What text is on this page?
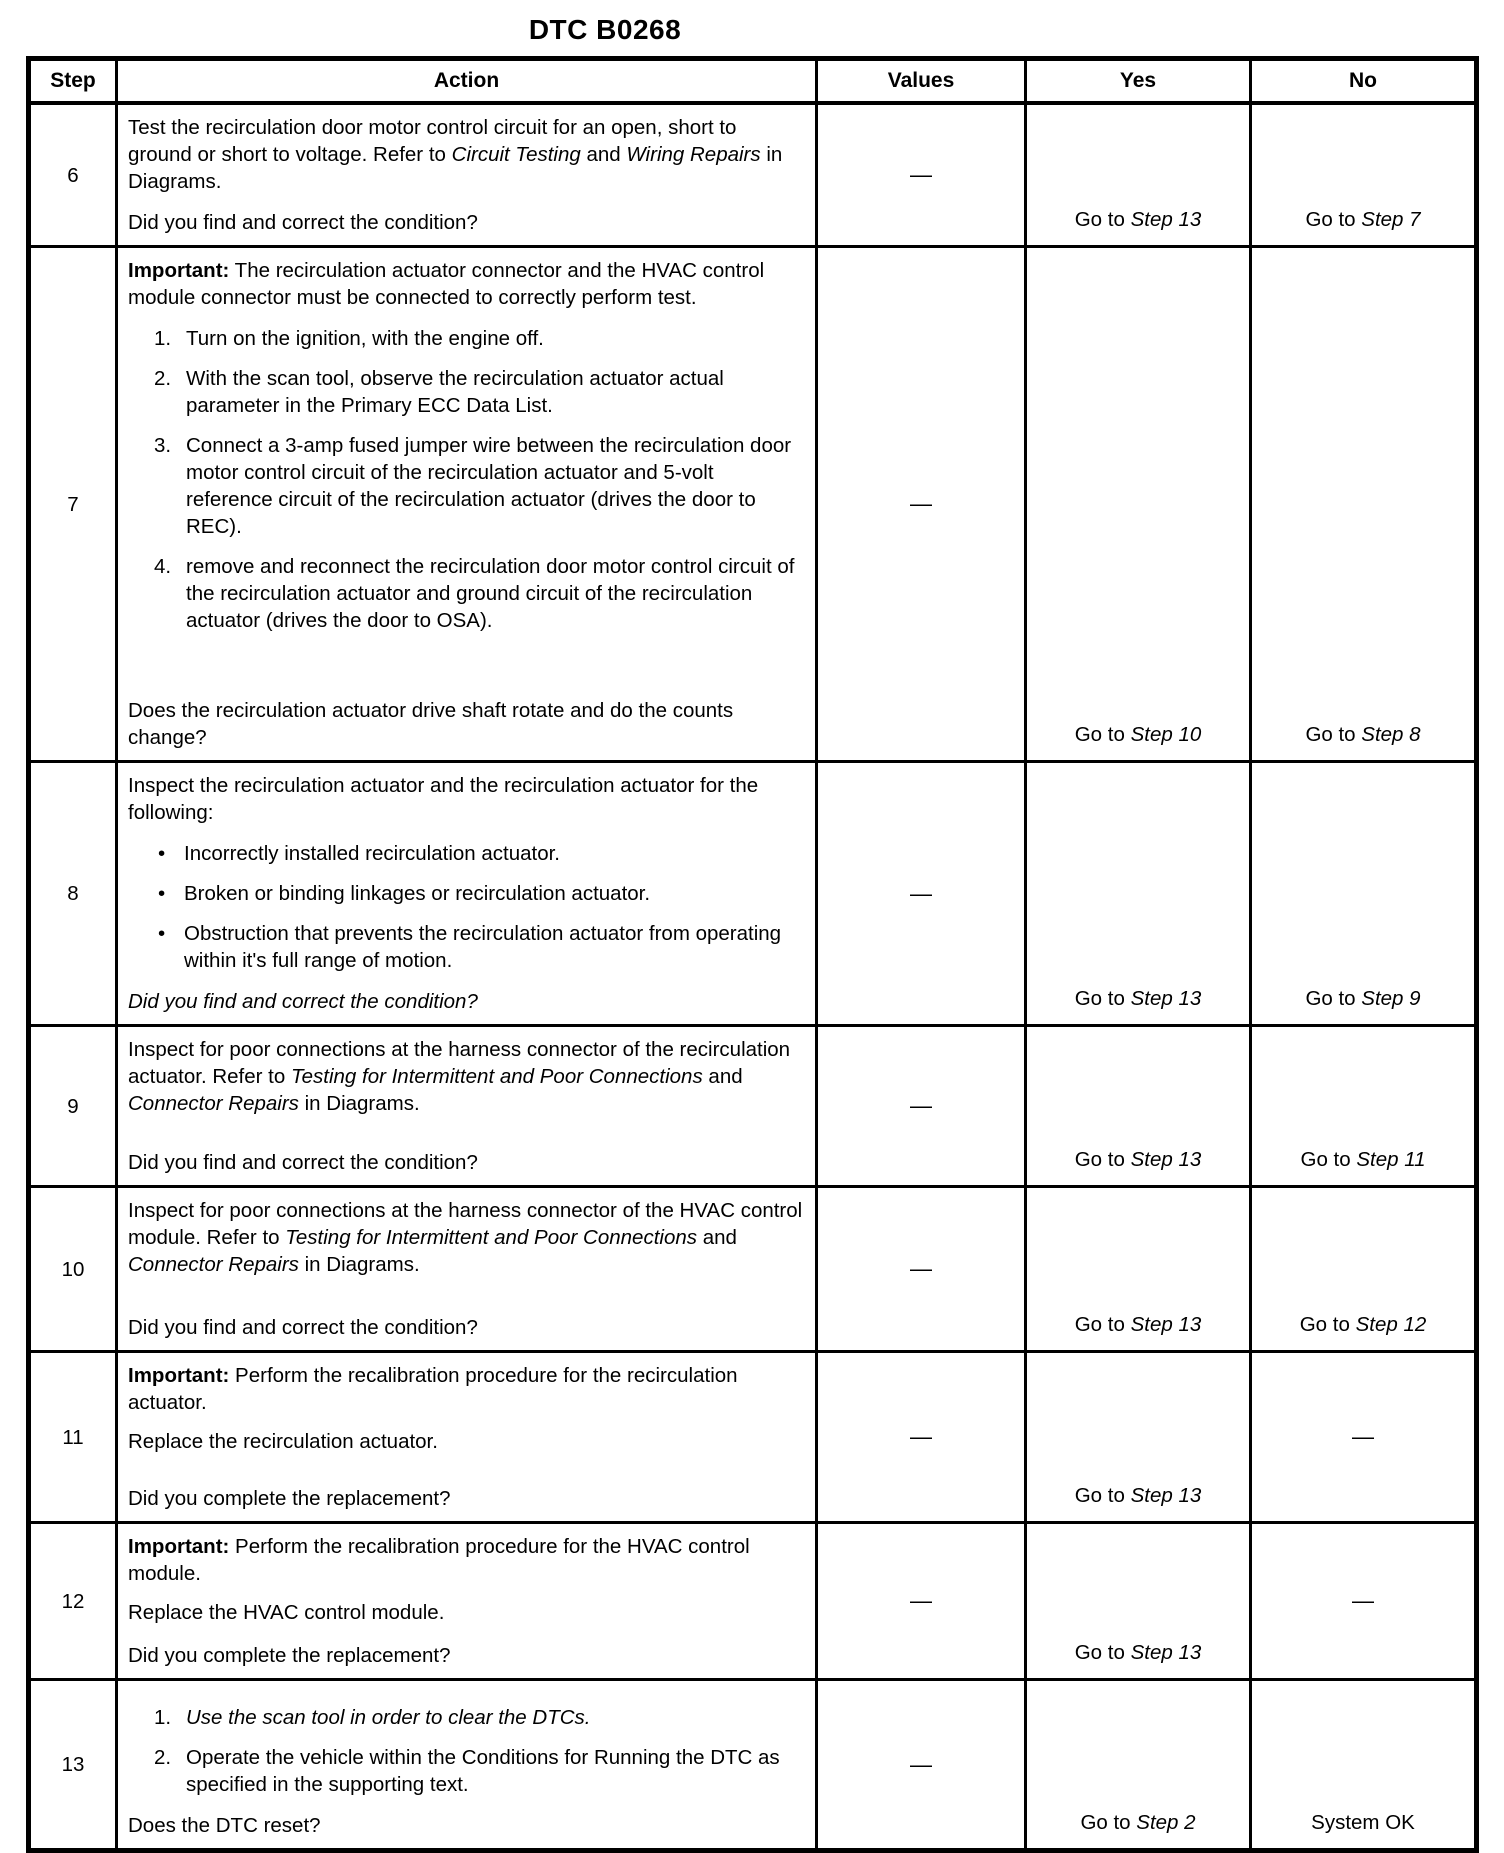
DTC B0268
Step	Action	Values	Yes	No
6	Test the recirculation door motor control circuit for an open, short to ground or short to voltage. Refer to Circuit Testing and Wiring Repairs in Diagrams.
Did you find and correct the condition?	—	Go to Step 13	Go to Step 7
7	
Important: The recirculation actuator connector and the HVAC control module connector must be connected to correctly perform test.
1. Turn on the ignition, with the engine off.
2. With the scan tool, observe the recirculation actuator actual parameter in the Primary ECC Data List.
3. Connect a 3-amp fused jumper wire between the recirculation door motor control circuit of the recirculation actuator and 5-volt reference circuit of the recirculation actuator (drives the door to REC).
4. remove and reconnect the recirculation door motor control circuit of the recirculation actuator and ground circuit of the recirculation actuator (drives the door to OSA).
Does the recirculation actuator drive shaft rotate and do the counts change?
	—	Go to Step 10	Go to Step 8
8	
Inspect the recirculation actuator and the recirculation actuator for the following:
• Incorrectly installed recirculation actuator.
• Broken or binding linkages or recirculation actuator.
• Obstruction that prevents the recirculation actuator from operating within it's full range of motion.
Did you find and correct the condition?
	—	Go to Step 13	Go to Step 9
9	Inspect for poor connections at the harness connector of the recirculation actuator. Refer to Testing for Intermittent and Poor Connections and Connector Repairs in Diagrams.
Did you find and correct the condition?	—	Go to Step 13	Go to Step 11
10	Inspect for poor connections at the harness connector of the HVAC control module. Refer to Testing for Intermittent and Poor Connections and Connector Repairs in Diagrams.
Did you find and correct the condition?	—	Go to Step 13	Go to Step 12
11	Important: Perform the recalibration procedure for the recirculation actuator.
Replace the recirculation actuator.
Did you complete the replacement?	—	Go to Step 13	—
12	Important: Perform the recalibration procedure for the HVAC control module.
Replace the HVAC control module.
Did you complete the replacement?	—	Go to Step 13	—
13	1. Use the scan tool in order to clear the DTCs.
2. Operate the vehicle within the Conditions for Running the DTC as specified in the supporting text.
Does the DTC reset?	—	Go to Step 2	System OK
